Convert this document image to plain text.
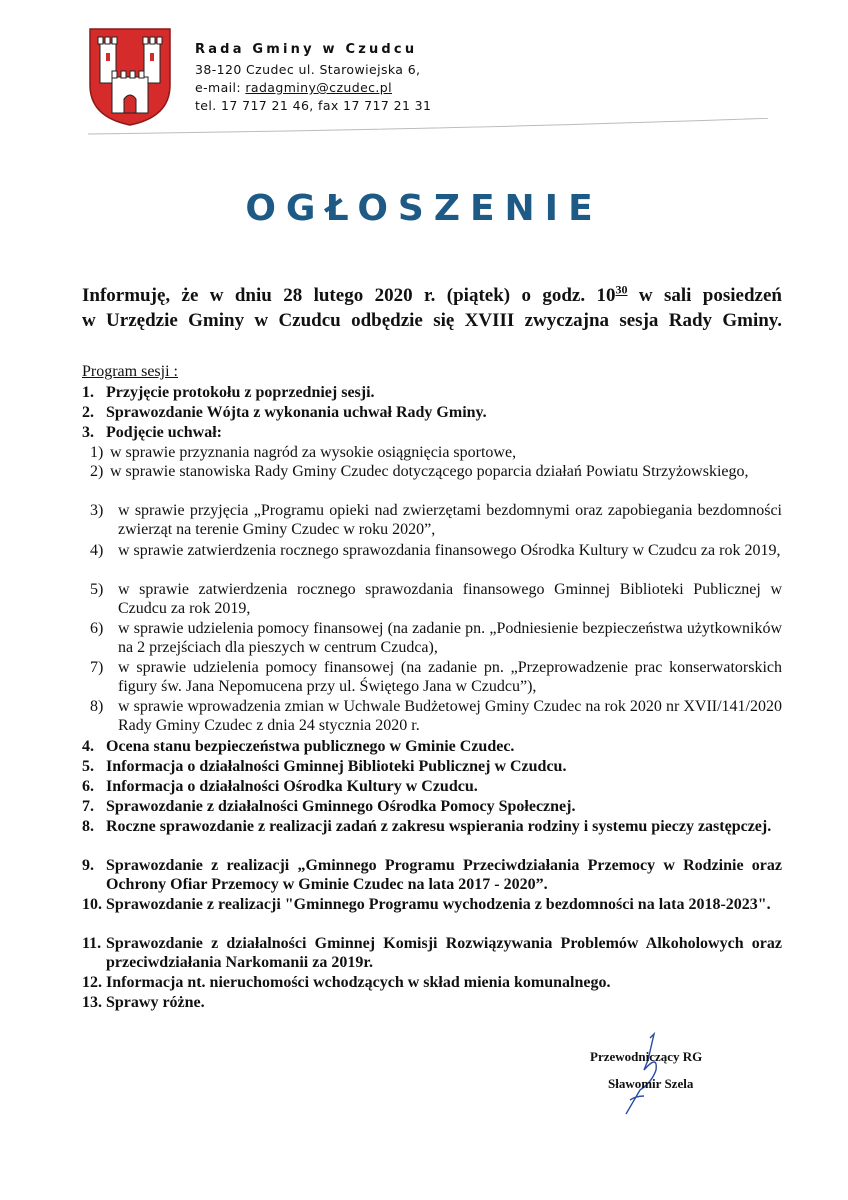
Rada Gminy w Czudcu
38-120 Czudec ul. Starowiejska 6,
e-mail: radagminy@czudec.pl
tel. 17 717 21 46, fax 17 717 21 31
OGŁOSZENIE
Informuję, że w dniu 28 lutego 2020 r. (piątek) o godz. $10^{30}$ w sali posiedzeń
w Urzędzie Gminy w Czudcu odbędzie się XVIII zwyczajna sesja Rady Gminy.
Program sesji :
1. Przyjęcie protokołu z poprzedniej sesji.
2. Sprawozdanie Wójta z wykonania uchwał Rady Gminy.
3. Podjęcie uchwał:
1) w sprawie przyznania nagród za wysokie osiągnięcia sportowe,
2) w sprawie stanowiska Rady Gminy Czudec dotyczącego poparcia działań Powiatu Strzyżowskiego,
3) w sprawie przyjęcia „Programu opieki nad zwierzętami bezdomnymi oraz zapobiegania bezdomności zwierząt na terenie Gminy Czudec w roku 2020”,
4) w sprawie zatwierdzenia rocznego sprawozdania finansowego Ośrodka Kultury w Czudcu za rok 2019,
5) w sprawie zatwierdzenia rocznego sprawozdania finansowego Gminnej Biblioteki Publicznej w Czudcu za rok 2019,
6) w sprawie udzielenia pomocy finansowej (na zadanie pn. „Podniesienie bezpieczeństwa użytkowników na 2 przejściach dla pieszych w centrum Czudca),
7) w sprawie udzielenia pomocy finansowej (na zadanie pn. „Przeprowadzenie prac konserwatorskich figury św. Jana Nepomucena przy ul. Świętego Jana w Czudcu”),
8) w sprawie wprowadzenia zmian w Uchwale Budżetowej Gminy Czudec na rok 2020 nr XVII/141/2020 Rady Gminy Czudec z dnia 24 stycznia 2020 r.
4. Ocena stanu bezpieczeństwa publicznego w Gminie Czudec.
5. Informacja o działalności Gminnej Biblioteki Publicznej w Czudcu.
6. Informacja o działalności Ośrodka Kultury w Czudcu.
7. Sprawozdanie z działalności Gminnego Ośrodka Pomocy Społecznej.
8. Roczne sprawozdanie z realizacji zadań z zakresu wspierania rodziny i systemu pieczy zastępczej.
9. Sprawozdanie z realizacji „Gminnego Programu Przeciwdziałania Przemocy w Rodzinie oraz Ochrony Ofiar Przemocy w Gminie Czudec na lata 2017 - 2020”.
10. Sprawozdanie z realizacji "Gminnego Programu wychodzenia z bezdomności na lata 2018-2023".
11. Sprawozdanie z działalności Gminnej Komisji Rozwiązywania Problemów Alkoholowych oraz przeciwdziałania Narkomanii za 2019r.
12. Informacja nt. nieruchomości wchodzących w skład mienia komunalnego.
13. Sprawy różne.
Przewodniczący RG
Sławomir Szela
